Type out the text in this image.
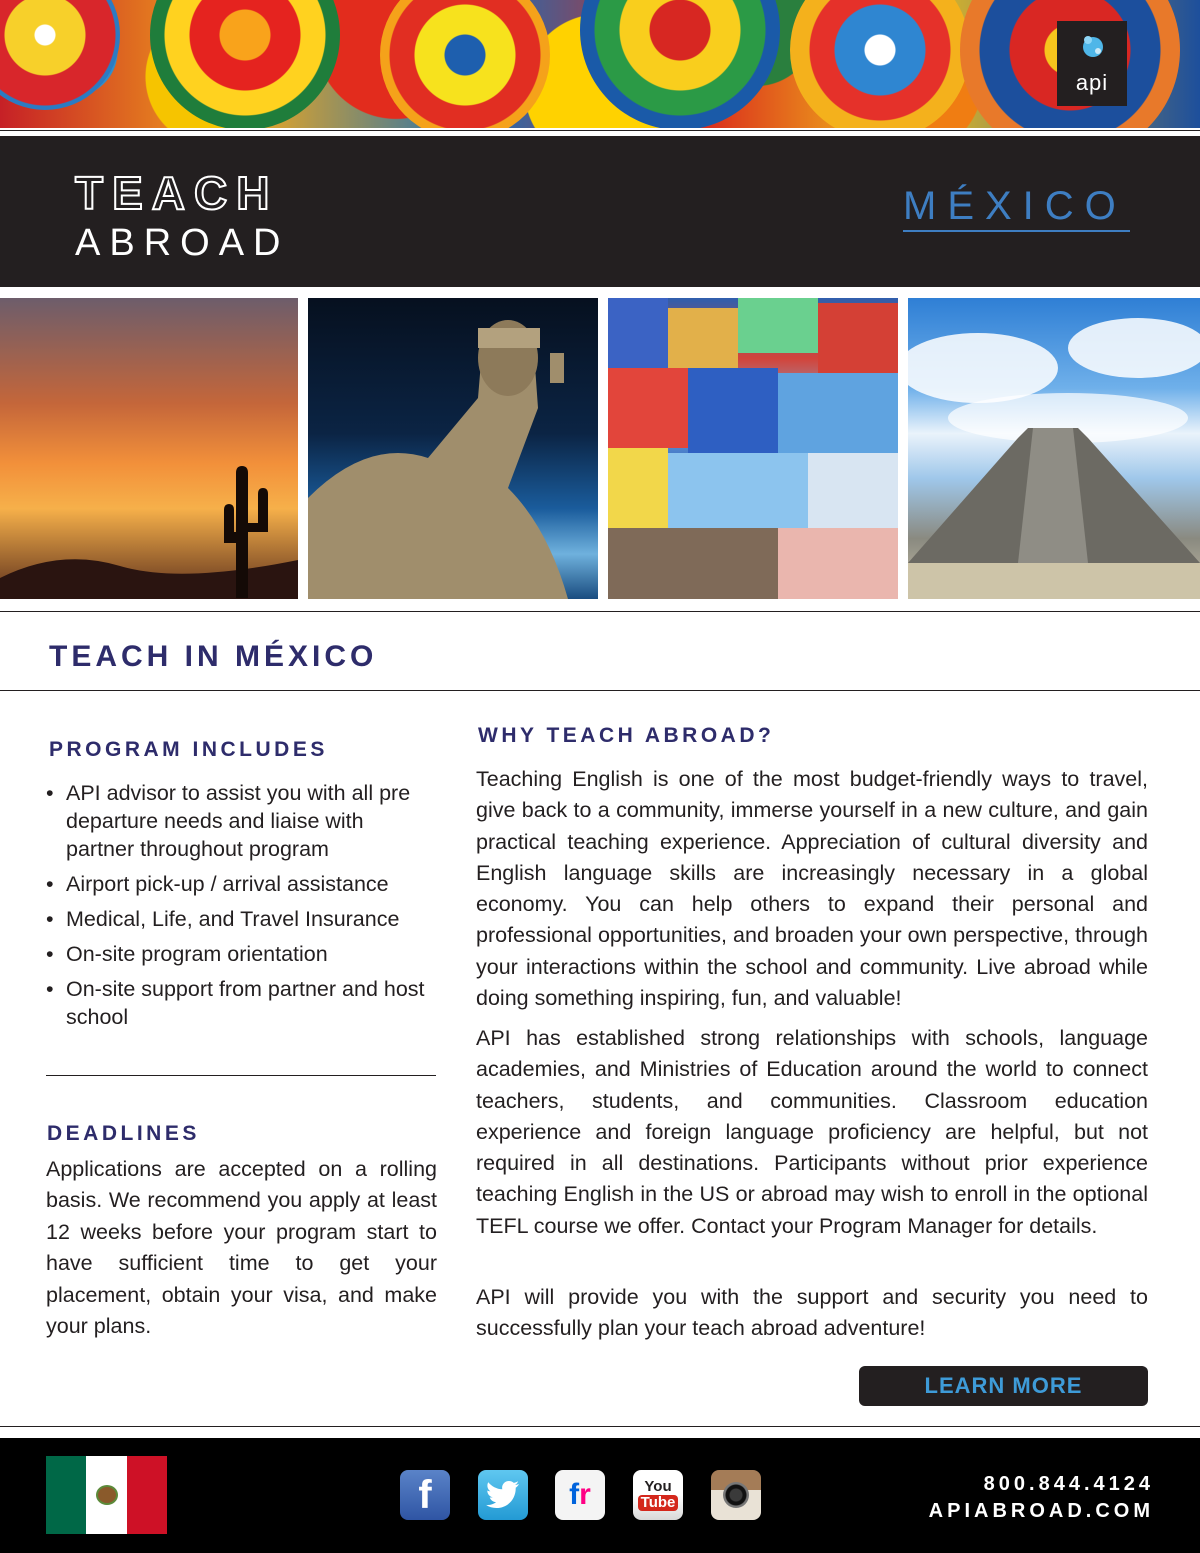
api
TEACH
ABROAD
MÉXICO
TEACH IN MÉXICO
PROGRAM INCLUDES
• API advisor to assist you with all pre departure needs and liaise with partner throughout program
• Airport pick-up / arrival assistance
• Medical, Life, and Travel Insurance
• On-site program orientation
• On-site support from partner and host school
DEADLINES
Applications are accepted on a rolling basis. We recommend you apply at least 12 weeks before your program start to have sufficient time to get your placement, obtain your visa, and make your plans.
WHY TEACH ABROAD?

Teaching English is one of the most budget-friendly ways to travel, give back to a community, immerse yourself in a new culture, and gain practical teaching experience. Appreciation of cultural diversity and English language skills are increasingly necessary in a global economy. You can help others to expand their personal and professional opportunities, and broaden your own perspective, through your interactions within the school and community. Live abroad while doing something inspiring, fun, and valuable!

API has established strong relationships with schools, language academies, and Ministries of Education around the world to connect teachers, students, and communities. Classroom education experience and foreign language proficiency are helpful, but not required in all destinations. Participants without prior experience teaching English in the US or abroad may wish to enroll in the optional TEFL course we offer. Contact your Program Manager for details.

API will provide you with the support and security you need to successfully plan your teach abroad adventure!

LEARN MORE
f	f r	You
Tube
800.844.4124
APIABROAD.COM
